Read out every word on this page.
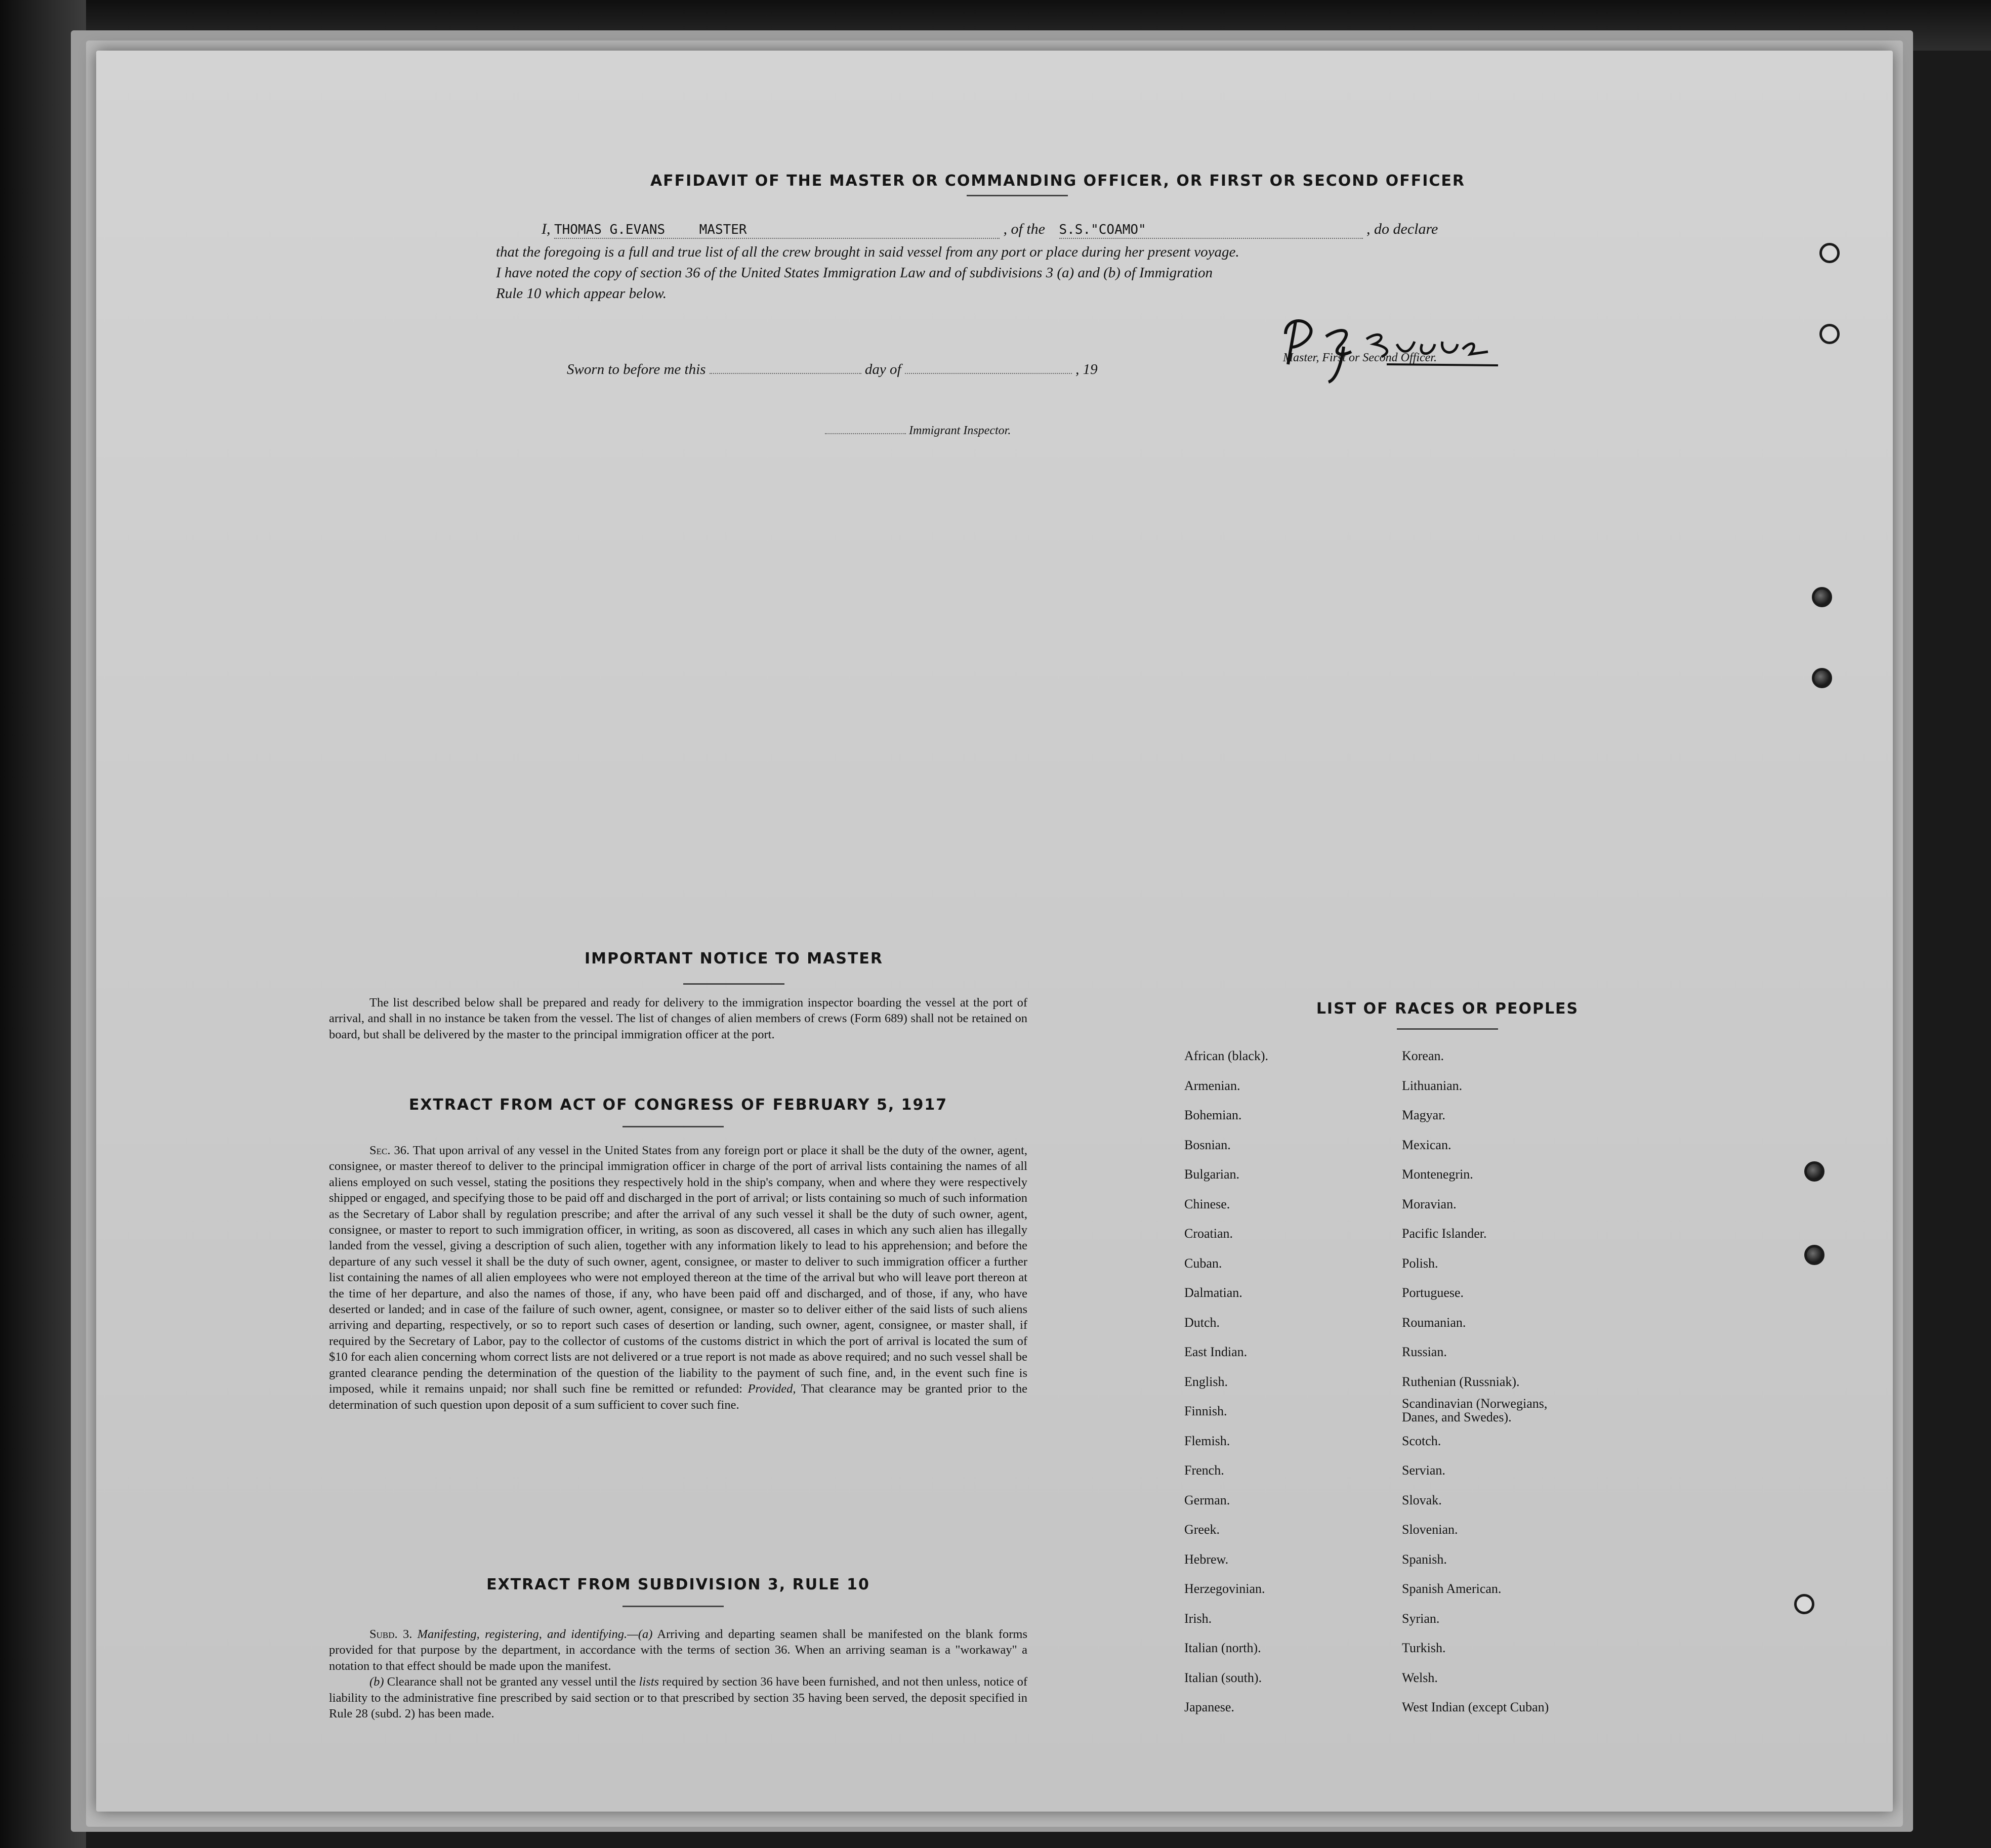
AFFIDAVIT OF THE MASTER OR COMMANDING OFFICER, OR FIRST OR SECOND OFFICER
I, THOMAS G.EVANS	MASTER	, of the S.S."COAMO"	, do declare
that the foregoing is a full and true list of all the crew brought in said vessel from any port or place during her present voyage.
I have noted the copy of section 36 of the United States Immigration Law and of subdivisions 3 (a) and (b) of Immigration
Rule 10 which appear below.
Master, First or Second Officer.
Sworn to before me this	day of	, 19
Immigrant Inspector.
IMPORTANT NOTICE TO MASTER
The list described below shall be prepared and ready for delivery to the immigration inspector boarding the vessel at the port of arrival, and shall in no instance be taken from the vessel. The list of changes of alien members of crews (Form 689) shall not be retained on board, but shall be delivered by the master to the principal immigration officer at the port.
EXTRACT FROM ACT OF CONGRESS OF FEBRUARY 5, 1917
Sec. 36. That upon arrival of any vessel in the United States from any foreign port or place it shall be the duty of the owner, agent, consignee, or master thereof to deliver to the principal immigration officer in charge of the port of arrival lists containing the names of all aliens employed on such vessel, stating the positions they respectively hold in the ship's company, when and where they were respectively shipped or engaged, and specifying those to be paid off and discharged in the port of arrival; or lists containing so much of such information as the Secretary of Labor shall by regulation prescribe; and after the arrival of any such vessel it shall be the duty of such owner, agent, consignee, or master to report to such immigration officer, in writing, as soon as discovered, all cases in which any such alien has illegally landed from the vessel, giving a description of such alien, together with any information likely to lead to his apprehension; and before the departure of any such vessel it shall be the duty of such owner, agent, consignee, or master to deliver to such immigration officer a further list containing the names of all alien employees who were not employed thereon at the time of the arrival but who will leave port thereon at the time of her departure, and also the names of those, if any, who have been paid off and discharged, and of those, if any, who have deserted or landed; and in case of the failure of such owner, agent, consignee, or master so to deliver either of the said lists of such aliens arriving and departing, respectively, or so to report such cases of desertion or landing, such owner, agent, consignee, or master shall, if required by the Secretary of Labor, pay to the collector of customs of the customs district in which the port of arrival is located the sum of $10 for each alien concerning whom correct lists are not delivered or a true report is not made as above required; and no such vessel shall be granted clearance pending the determination of the question of the liability to the payment of such fine, and, in the event such fine is imposed, while it remains unpaid; nor shall such fine be remitted or refunded: Provided, That clearance may be granted prior to the determination of such question upon deposit of a sum sufficient to cover such fine.
EXTRACT FROM SUBDIVISION 3, RULE 10
Subd. 3. Manifesting, registering, and identifying.—(a) Arriving and departing seamen shall be manifested on the blank forms provided for that purpose by the department, in accordance with the terms of section 36. When an arriving seaman is a "workaway" a notation to that effect should be made upon the manifest.
(b) Clearance shall not be granted any vessel until the lists required by section 36 have been furnished, and not then unless, notice of liability to the administrative fine prescribed by said section or to that prescribed by section 35 having been served, the deposit specified in Rule 28 (subd. 2) has been made.
LIST OF RACES OR PEOPLES
African (black).
Armenian.
Bohemian.
Bosnian.
Bulgarian.
Chinese.
Croatian.
Cuban.
Dalmatian.
Dutch.
East Indian.
English.
Finnish.
Flemish.
French.
German.
Greek.
Hebrew.
Herzegovinian.
Irish.
Italian (north).
Italian (south).
Japanese.
Korean.
Lithuanian.
Magyar.
Mexican.
Montenegrin.
Moravian.
Pacific Islander.
Polish.
Portuguese.
Roumanian.
Russian.
Ruthenian (Russniak).
Scandinavian (Norwegians, Danes, and Swedes).
Scotch.
Servian.
Slovak.
Slovenian.
Spanish.
Spanish American.
Syrian.
Turkish.
Welsh.
West Indian (except Cuban)
